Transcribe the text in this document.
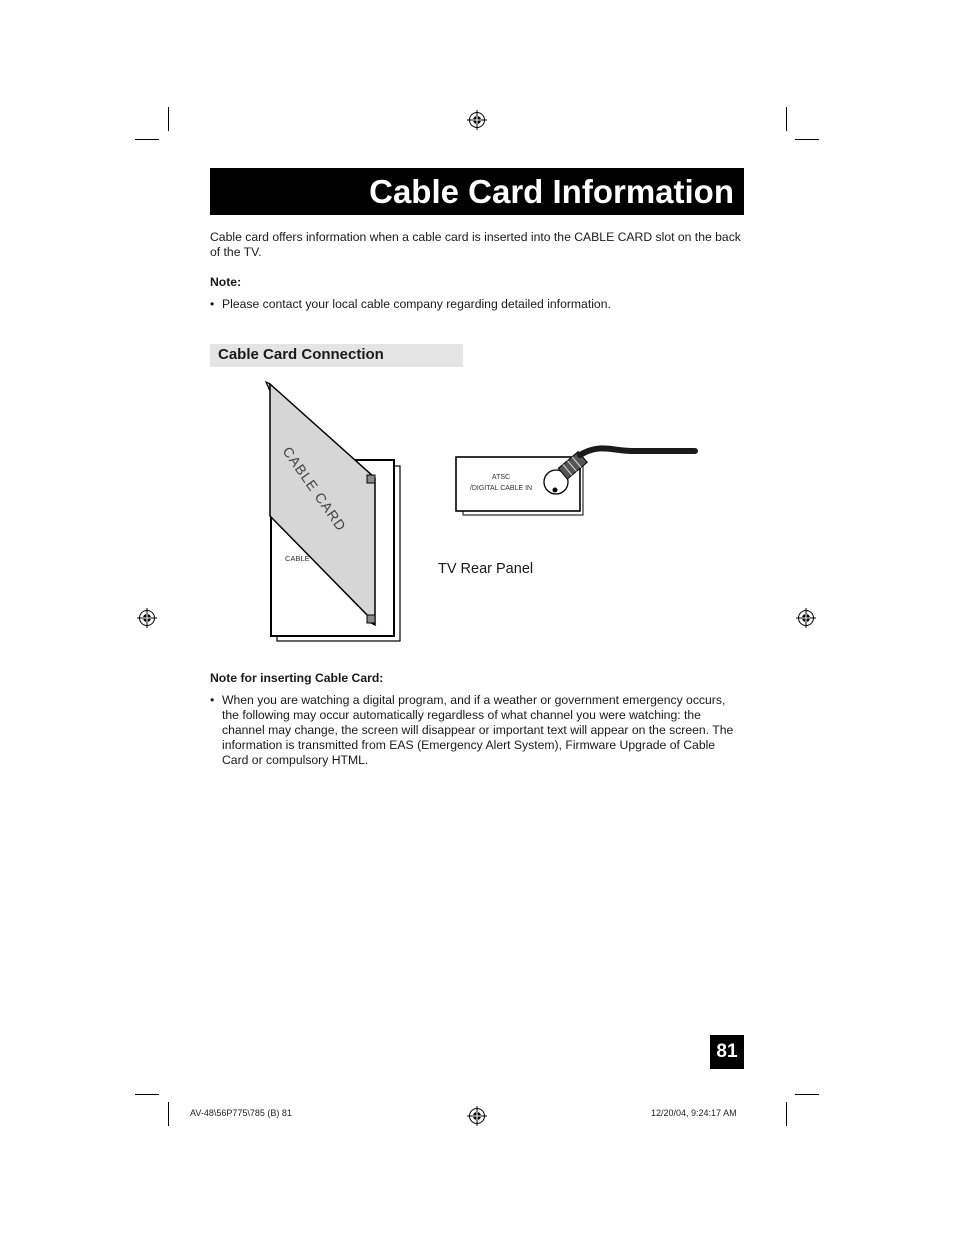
Cable Card Information
Cable card offers information when a cable card is inserted into the CABLE CARD slot on the back of the TV.
Note:
• Please contact your local cable company regarding detailed information.
Cable Card Connection
CABLE CARD
CABLE
ATSC
/DIGITAL CABLE IN
TV Rear Panel
Note for inserting Cable Card:
• When you are watching a digital program, and if a weather or government emergency occurs, the following may occur automatically regardless of what channel you were watching: the channel may change, the screen will disappear or important text will appear on the screen. The information is transmitted from EAS (Emergency Alert System), Firmware Upgrade of Cable Card or compulsory HTML.
81
AV-48\56P775\785 (B) 81	12/20/04, 9:24:17 AM
